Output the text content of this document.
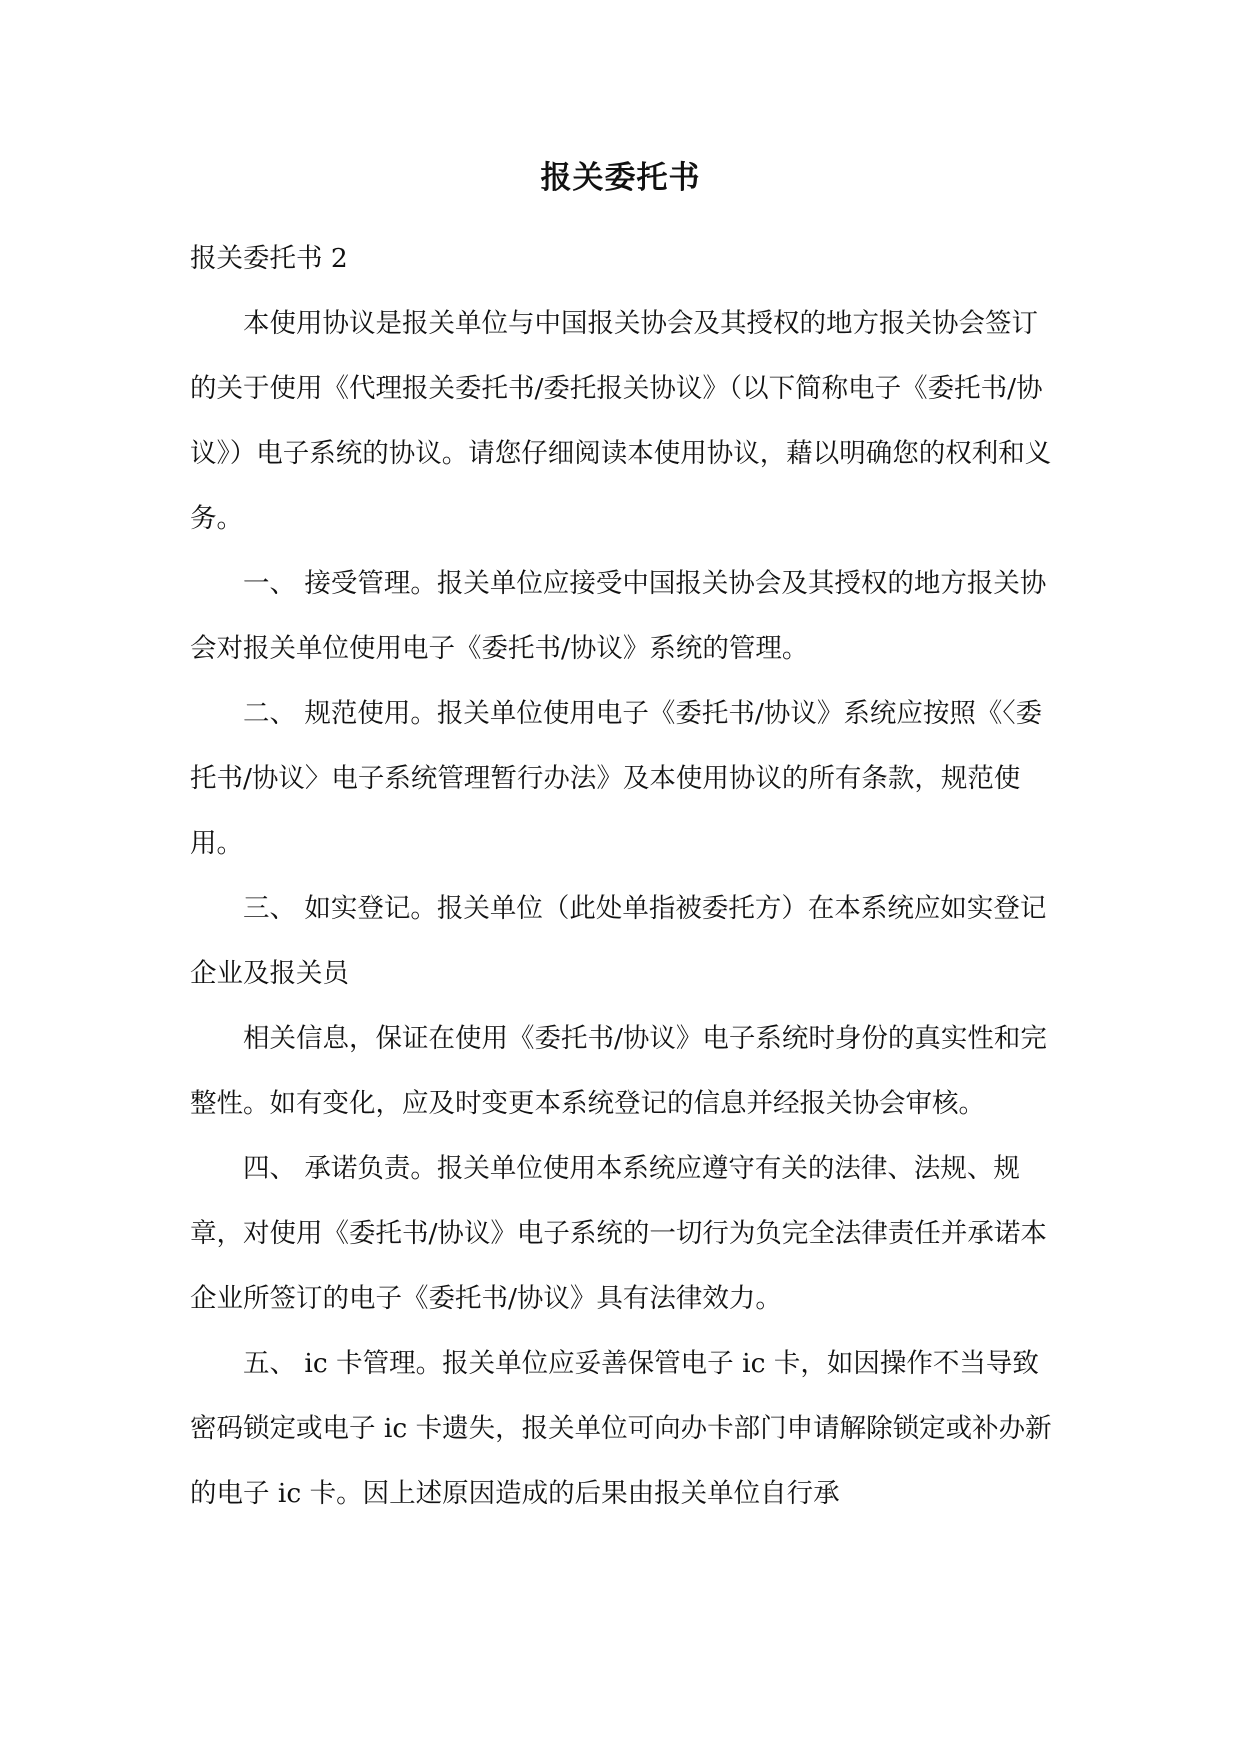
报关委托书

报关委托书 2

本使用协议是报关单位与中国报关协会及其授权的地方报关协会签订的关于使用《代理报关委托书/委托报关协议》（以下简称电子《委托书/协议》）电子系统的协议。请您仔细阅读本使用协议，藉以明确您的权利和义务。

一、 接受管理。报关单位应接受中国报关协会及其授权的地方报关协会对报关单位使用电子《委托书/协议》系统的管理。

二、 规范使用。报关单位使用电子《委托书/协议》系统应按照《〈委托书/协议〉电子系统管理暂行办法》及本使用协议的所有条款，规范使用。

三、 如实登记。报关单位（此处单指被委托方）在本系统应如实登记企业及报关员

相关信息，保证在使用《委托书/协议》电子系统时身份的真实性和完整性。如有变化，应及时变更本系统登记的信息并经报关协会审核。

四、 承诺负责。报关单位使用本系统应遵守有关的法律、法规、规章，对使用《委托书/协议》电子系统的一切行为负完全法律责任并承诺本企业所签订的电子《委托书/协议》具有法律效力。

五、 ic 卡管理。报关单位应妥善保管电子 ic 卡，如因操作不当导致密码锁定或电子 ic 卡遗失，报关单位可向办卡部门申请解除锁定或补办新的电子 ic 卡。因上述原因造成的后果由报关单位自行承
